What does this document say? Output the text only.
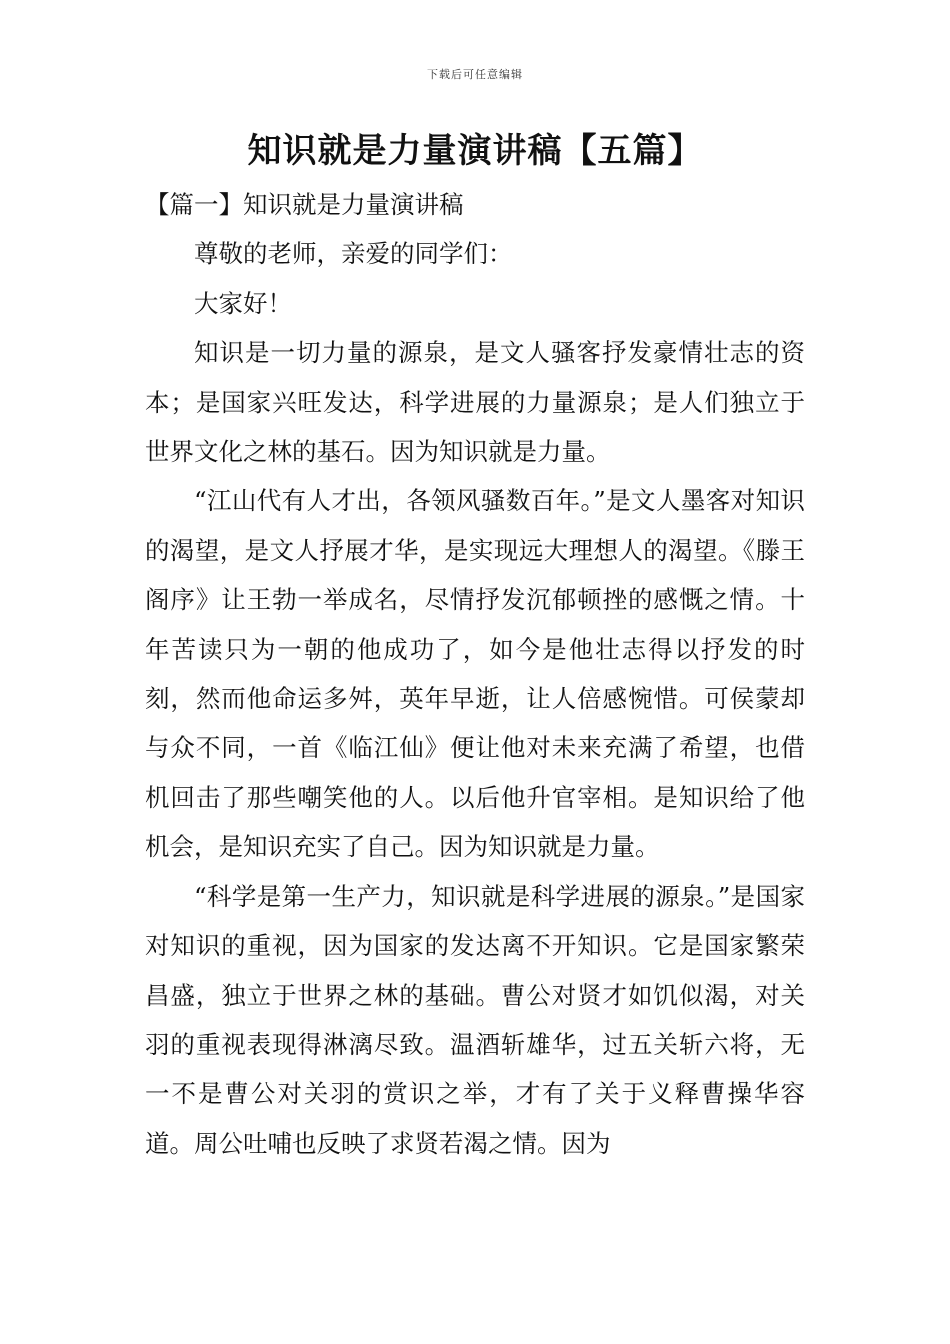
下载后可任意编辑
知识就是力量演讲稿【五篇】
【篇一】知识就是力量演讲稿

尊敬的老师，亲爱的同学们：

大家好！

知识是一切力量的源泉，是文人骚客抒发豪情壮志的资本；是国家兴旺发达，科学进展的力量源泉；是人们独立于世界文化之林的基石。因为知识就是力量。

“江山代有人才出，各领风骚数百年。”是文人墨客对知识的渴望，是文人抒展才华，是实现远大理想人的渴望。《滕王阁序》让王勃一举成名，尽情抒发沉郁顿挫的感慨之情。十年苦读只为一朝的他成功了，如今是他壮志得以抒发的时刻，然而他命运多舛，英年早逝，让人倍感惋惜。可侯蒙却与众不同，一首《临江仙》便让他对未来充满了希望，也借机回击了那些嘲笑他的人。以后他升官宰相。是知识给了他机会，是知识充实了自己。因为知识就是力量。

“科学是第一生产力，知识就是科学进展的源泉。”是国家对知识的重视，因为国家的发达离不开知识。它是国家繁荣昌盛，独立于世界之林的基础。曹公对贤才如饥似渴，对关羽的重视表现得淋漓尽致。温酒斩雄华，过五关斩六将，无一不是曹公对关羽的赏识之举，才有了关于义释曹操华容道。周公吐哺也反映了求贤若渴之情。因为
